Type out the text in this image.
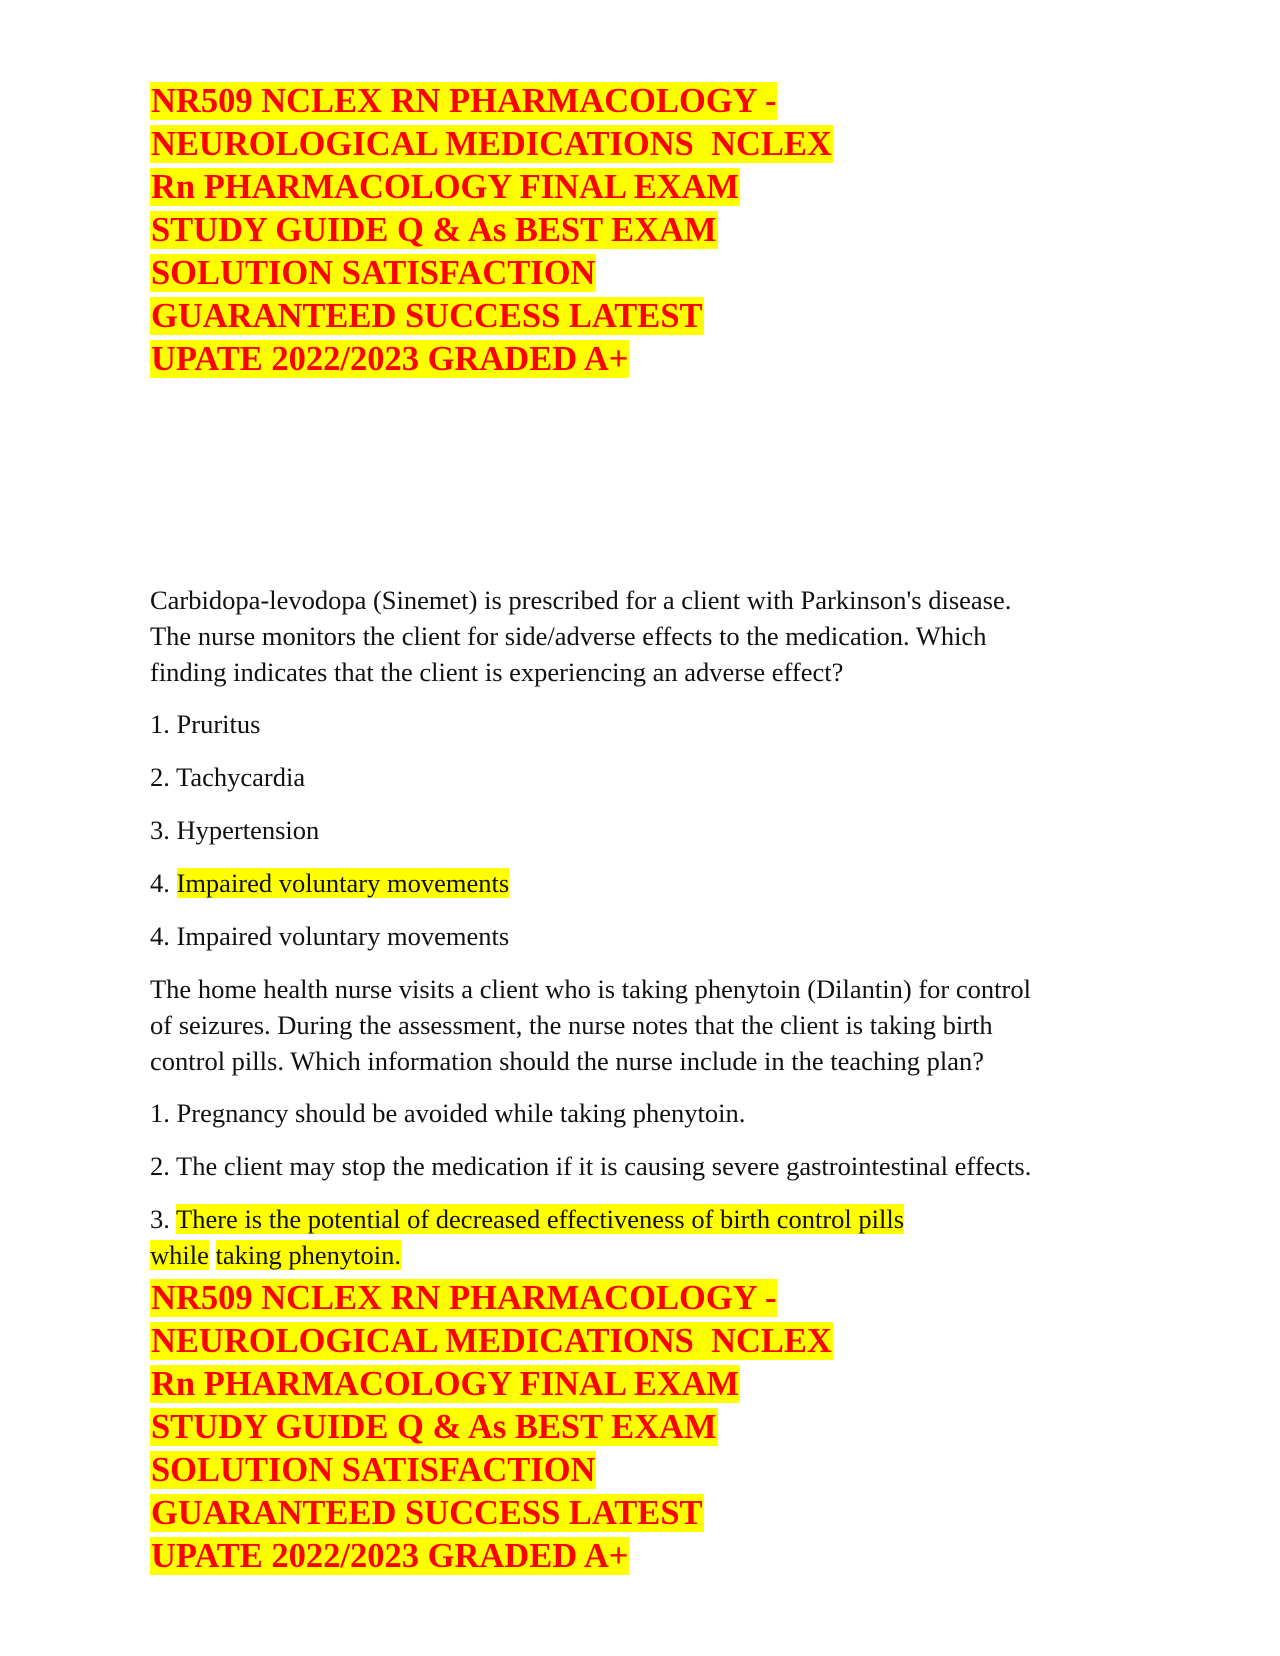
NR509 NCLEX RN PHARMACOLOGY -
NEUROLOGICAL MEDICATIONS  NCLEX
Rn PHARMACOLOGY FINAL EXAM
STUDY GUIDE Q & As BEST EXAM
SOLUTION SATISFACTION
GUARANTEED SUCCESS LATEST
UPATE 2022/2023 GRADED A+
Carbidopa-levodopa (Sinemet) is prescribed for a client with Parkinson's disease.
The nurse monitors the client for side/adverse effects to the medication. Which
finding indicates that the client is experiencing an adverse effect?

1. Pruritus

2. Tachycardia

3. Hypertension

4. Impaired voluntary movements

4. Impaired voluntary movements

The home health nurse visits a client who is taking phenytoin (Dilantin) for control
of seizures. During the assessment, the nurse notes that the client is taking birth
control pills. Which information should the nurse include in the teaching plan?

1. Pregnancy should be avoided while taking phenytoin.

2. The client may stop the medication if it is causing severe gastrointestinal effects.

3. There is the potential of decreased effectiveness of birth control pills
while taking phenytoin.
NR509 NCLEX RN PHARMACOLOGY -
NEUROLOGICAL MEDICATIONS  NCLEX
Rn PHARMACOLOGY FINAL EXAM
STUDY GUIDE Q & As BEST EXAM
SOLUTION SATISFACTION
GUARANTEED SUCCESS LATEST
UPATE 2022/2023 GRADED A+
